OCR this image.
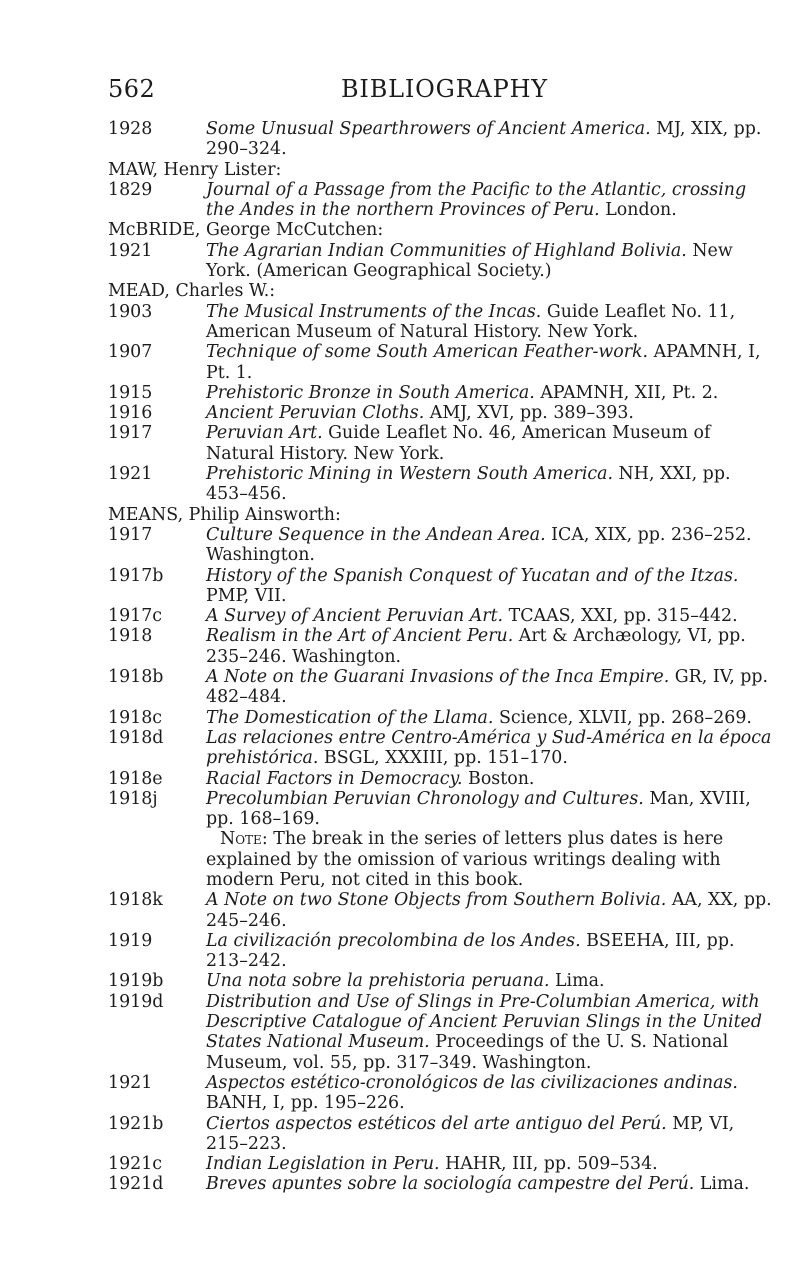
562	BIBLIOGRAPHY

1928	Some Unusual Spearthrowers of Ancient America. MJ, XIX, pp. 290–324.

MAW, Henry Lister:

1829	Journal of a Passage from the Pacific to the Atlantic, crossing the Andes in the northern Provinces of Peru. London.

McBRIDE, George McCutchen:

1921	The Agrarian Indian Communities of Highland Bolivia. New York. (American Geographical Society.)

MEAD, Charles W.:

1903	The Musical Instruments of the Incas. Guide Leaflet No. 11, American Museum of Natural History. New York.

1907	Technique of some South American Feather-work. APAMNH, I, Pt. 1.

1915	Prehistoric Bronze in South America. APAMNH, XII, Pt. 2.

1916	Ancient Peruvian Cloths. AMJ, XVI, pp. 389–393.

1917	Peruvian Art. Guide Leaflet No. 46, American Museum of Natural History. New York.

1921	Prehistoric Mining in Western South America. NH, XXI, pp. 453–456.

MEANS, Philip Ainsworth:

1917	Culture Sequence in the Andean Area. ICA, XIX, pp. 236–252. Washington.

1917b History of the Spanish Conquest of Yucatan and of the Itzas. PMP, VII.

1917c	A Survey of Ancient Peruvian Art. TCAAS, XXI, pp. 315–442.

1918	Realism in the Art of Ancient Peru. Art & Archæology, VI, pp. 235–246. Washington.

1918b A Note on the Guarani Invasions of the Inca Empire. GR, IV, pp. 482–484.

1918c	The Domestication of the Llama. Science, XLVII, pp. 268–269.

1918d Las relaciones entre Centro-América y Sud-América en la época prehistórica. BSGL, XXXIII, pp. 151–170.

1918e Racial Factors in Democracy. Boston.

1918j	Precolumbian Peruvian Chronology and Cultures. Man, XVIII, pp. 168–169.

Note: The break in the series of letters plus dates is here explained by the omission of various writings dealing with modern Peru, not cited in this book.

1918k A Note on two Stone Objects from Southern Bolivia. AA, XX, pp. 245–246.

1919	La civilización precolombina de los Andes. BSEEHA, III, pp. 213–242.

1919b Una nota sobre la prehistoria peruana. Lima.

1919d Distribution and Use of Slings in Pre-Columbian America, with Descriptive Catalogue of Ancient Peruvian Slings in the United States National Museum. Proceedings of the U. S. National Museum, vol. 55, pp. 317–349. Washington.

1921	Aspectos estético-cronológicos de las civilizaciones andinas. BANH, I, pp. 195–226.

1921b Ciertos aspectos estéticos del arte antiguo del Perú. MP, VI, 215–223.

1921c	Indian Legislation in Peru. HAHR, III, pp. 509–534.

1921d Breves apuntes sobre la sociología campestre del Perú. Lima.
